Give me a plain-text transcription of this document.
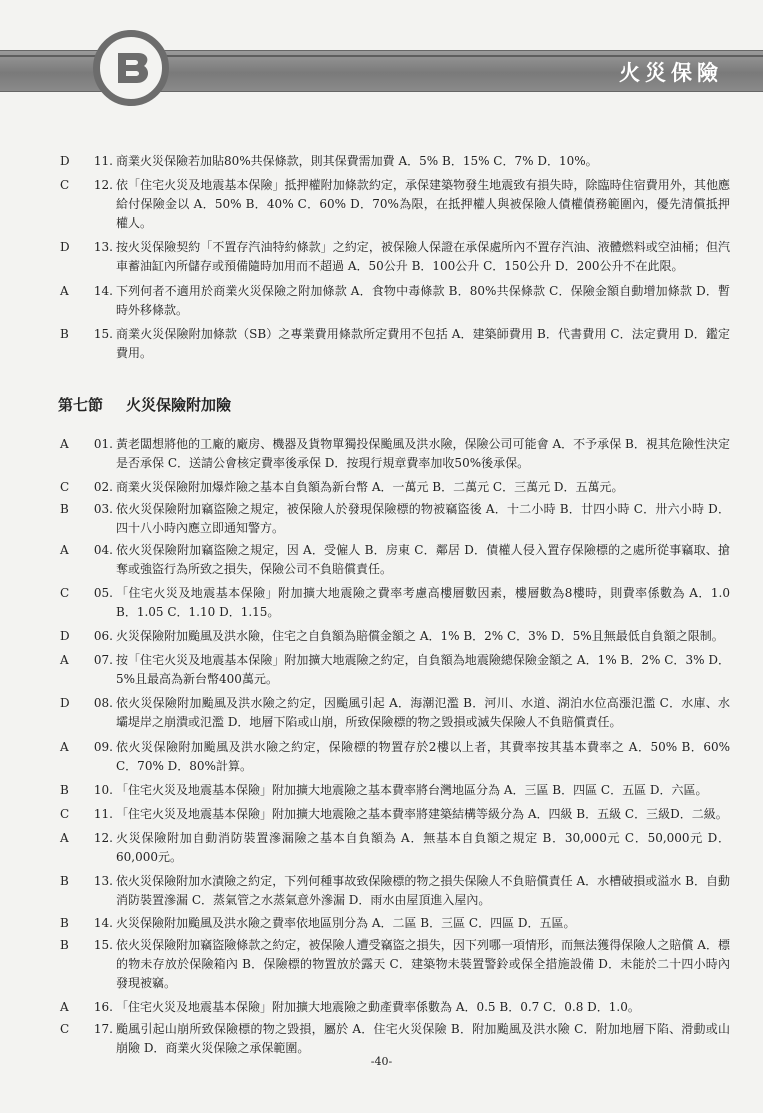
火災保險
D	11. 商業火災保險若加貼80%共保條款，則其保費需加費 A．5% B．15% C．7% D．10%。
C	12. 依「住宅火災及地震基本保險」抵押權附加條款約定，承保建築物發生地震致有損失時，除臨時住宿費用外，其他應給付保險金以 A．50% B．40% C．60% D．70%為限，在抵押權人與被保險人債權債務範圍內，優先清償抵押權人。
D	13. 按火災保險契約「不置存汽油特約條款」之約定，被保險人保證在承保處所內不置存汽油、液體燃料或空油桶；但汽車蓄油缸內所儲存或預備隨時加用而不超過 A．50公升 B．100公升 C．150公升 D．200公升不在此限。
A	14. 下列何者不適用於商業火災保險之附加條款 A．食物中毒條款 B．80%共保條款 C．保險金額自動增加條款 D．暫時外移條款。
B	15. 商業火災保險附加條款（SB）之專業費用條款所定費用不包括 A．建築師費用 B．代書費用 C．法定費用 D．鑑定費用。
第七節 火災保險附加險
A	01. 黃老闆想將他的工廠的廠房、機器及貨物單獨投保颱風及洪水險，保險公司可能會 A．不予承保 B．視其危險性決定是否承保 C．送請公會核定費率後承保 D．按現行規章費率加收50%後承保。
C	02. 商業火災保險附加爆炸險之基本自負額為新台幣 A．一萬元 B．二萬元 C．三萬元 D．五萬元。
B	03. 依火災保險附加竊盜險之規定，被保險人於發現保險標的物被竊盜後 A．十二小時 B．廿四小時 C．卅六小時 D．四十八小時內應立即通知警方。
A	04. 依火災保險附加竊盜險之規定，因 A．受僱人 B．房東 C．鄰居 D．債權人侵入置存保險標的之處所從事竊取、搶奪或強盜行為所致之損失，保險公司不負賠償責任。
C	05. 「住宅火災及地震基本保險」附加擴大地震險之費率考慮高樓層數因素，樓層數為8樓時，則費率係數為 A．1.0 B．1.05 C．1.10 D．1.15。
D	06. 火災保險附加颱風及洪水險，住宅之自負額為賠償金額之 A．1% B．2% C．3% D．5%且無最低自負額之限制。
A	07. 按「住宅火災及地震基本保險」附加擴大地震險之約定，自負額為地震險總保險金額之 A．1% B．2% C．3% D．5%且最高為新台幣400萬元。
D	08. 依火災保險附加颱風及洪水險之約定，因颱風引起 A．海潮氾濫 B．河川、水道、湖泊水位高漲氾濫 C．水庫、水壩堤岸之崩潰或氾濫 D．地層下陷或山崩，所致保險標的物之毀損或滅失保險人不負賠償責任。
A	09. 依火災保險附加颱風及洪水險之約定，保險標的物置存於2樓以上者，其費率按其基本費率之 A．50% B．60% C．70% D．80%計算。
B	10. 「住宅火災及地震基本保險」附加擴大地震險之基本費率將台灣地區分為 A．三區 B．四區 C．五區 D．六區。
C	11. 「住宅火災及地震基本保險」附加擴大地震險之基本費率將建築結構等級分為 A．四級 B．五級 C．三級D．二級。
A	12. 火災保險附加自動消防裝置滲漏險之基本自負額為 A．無基本自負額之規定 B．30,000元 C．50,000元 D．60,000元。
B	13. 依火災保險附加水漬險之約定，下列何種事故致保險標的物之損失保險人不負賠償責任 A．水槽破損或溢水 B．自動消防裝置滲漏 C．蒸氣管之水蒸氣意外滲漏 D．雨水由屋頂進入屋內。
B	14. 火災保險附加颱風及洪水險之費率依地區別分為 A．二區 B．三區 C．四區 D．五區。
B	15. 依火災保險附加竊盜險條款之約定，被保險人遭受竊盜之損失，因下列哪一項情形，而無法獲得保險人之賠償 A．標的物未存放於保險箱內 B．保險標的物置放於露天 C．建築物未裝置警鈴或保全措施設備 D．未能於二十四小時內發現被竊。
A	16. 「住宅火災及地震基本保險」附加擴大地震險之動產費率係數為 A．0.5 B．0.7 C．0.8 D．1.0。
C	17. 颱風引起山崩所致保險標的物之毀損，屬於 A．住宅火災保險 B．附加颱風及洪水險 C．附加地層下陷、滑動或山崩險 D．商業火災保險之承保範圍。
-40-
